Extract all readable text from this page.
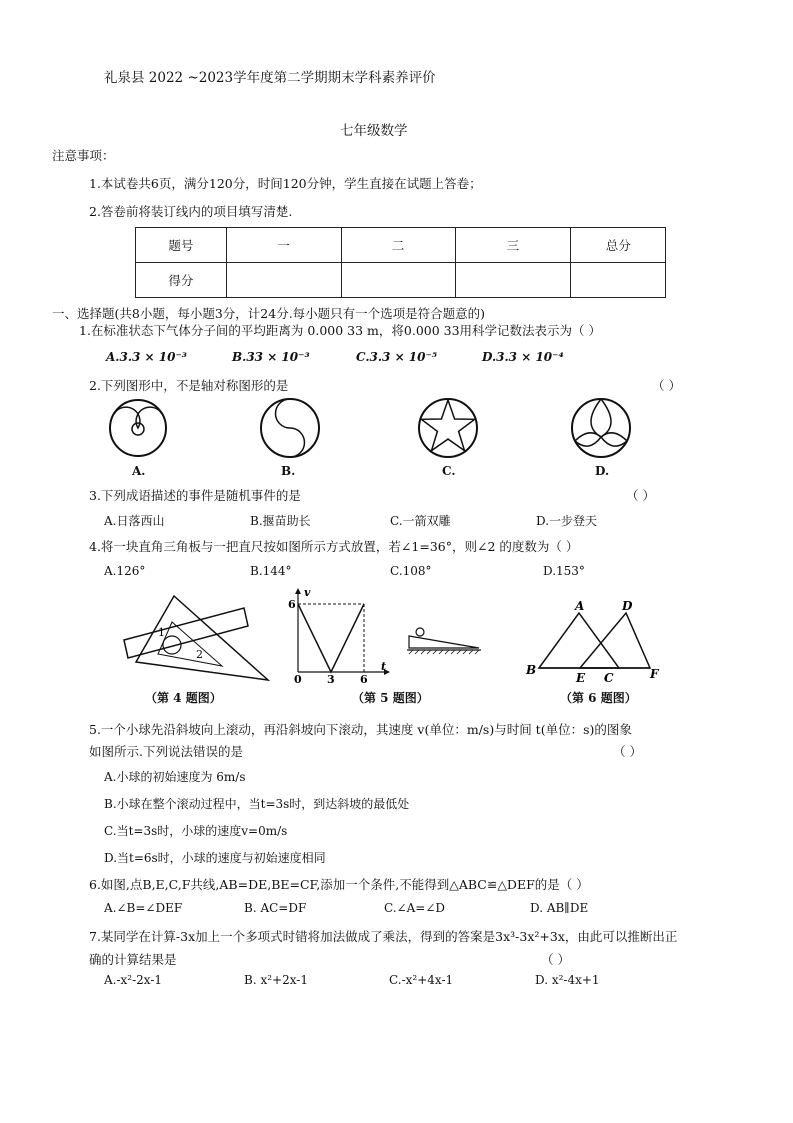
礼泉县 2022 ~2023学年度第二学期期末学科素养评价
七年级数学
注意事项：
1.本试卷共6页，满分120分，时间120分钟，学生直接在试题上答卷；
2.答卷前将装订线内的项目填写清楚.
题号	一	二	三	总分
得分				
一、选择题(共8小题，每小题3分，计24分.每小题只有一个选项是符合题意的)
1.在标准状态下气体分子间的平均距离为 0.000 33 m，将0.000 33用科学记数法表示为（ ）
A.3.3 × 10⁻³	B.33 × 10⁻³	C.3.3 × 10⁻⁵	D.3.3 × 10⁻⁴
2.下列图形中，不是轴对称图形的是	（ ）
A.	B.	C.	D.
3.下列成语描述的事件是随机事件的是	（ ）
A.日落西山	B.揠苗助长	C.一箭双雕	D.一步登天
4.将一块直角三角板与一把直尺按如图所示方式放置，若∠1=36°，则∠2 的度数为（ ）
A.126°	B.144°	C.108°	D.153°
1
2
（第 4 题图）
v
t
6
0 3 6
（第 5 题图）
A	D
B
E C	F
（第 6 题图）
5.一个小球先沿斜坡向上滚动，再沿斜坡向下滚动，其速度 v(单位：m/s)与时间 t(单位：s)的图象
如图所示.下列说法错误的是	（ ）
A.小球的初始速度为 6m/s
B.小球在整个滚动过程中，当t=3s时，到达斜坡的最低处
C.当t=3s时，小球的速度v=0m/s
D.当t=6s时，小球的速度与初始速度相同
6.如图,点B,E,C,F共线,AB=DE,BE=CF,添加一个条件,不能得到△ABC≌△DEF的是（ ）
A.∠B=∠DEF	B. AC=DF	C.∠A=∠D	D. AB∥DE
7.某同学在计算-3x加上一个多项式时错将加法做成了乘法，得到的答案是3x³-3x²+3x，由此可以推断出正
确的计算结果是	（ ）
A.-x²-2x-1	B. x²+2x-1	C.-x²+4x-1	D. x²-4x+1
